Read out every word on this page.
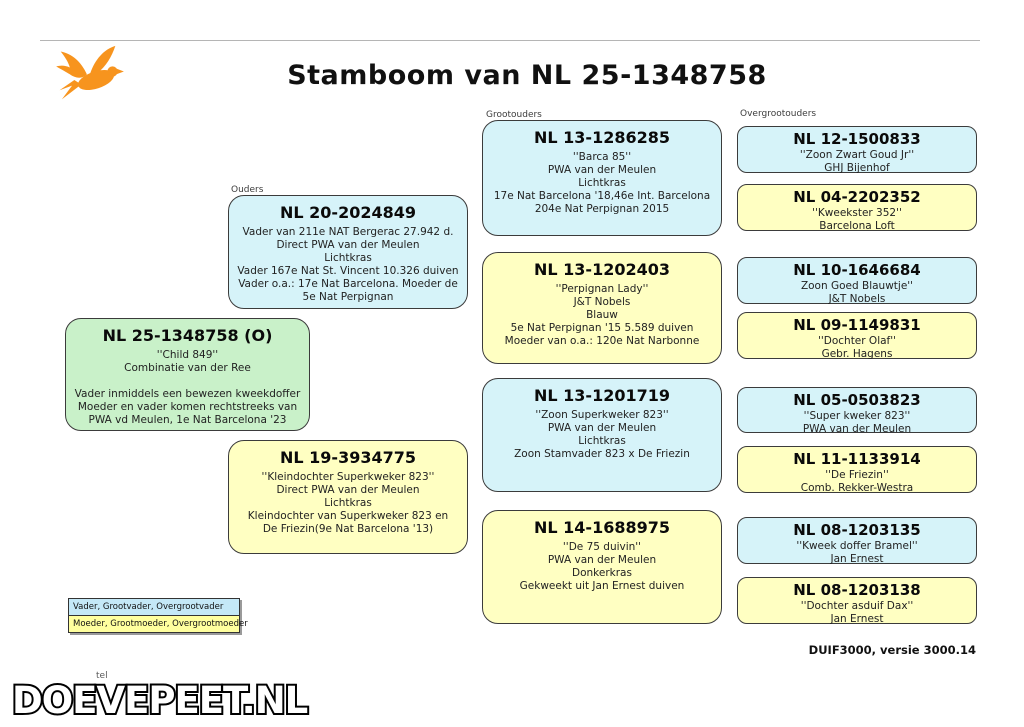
Stamboom van NL 25-1348758
Ouders
Grootouders	Overgrootouders
NL 25-1348758 (O)
''Child 849''
Combinatie van der Ree

Vader inmiddels een bewezen kweekdoffer
Moeder en vader komen rechtstreeks van
PWA vd Meulen, 1e Nat Barcelona '23
NL 20-2024849
Vader van 211e NAT Bergerac 27.942 d.
Direct PWA van der Meulen
Lichtkras
Vader 167e Nat St. Vincent 10.326 duiven
Vader o.a.: 17e Nat Barcelona. Moeder de
5e Nat Perpignan
NL 19-3934775
''Kleindochter Superkweker 823''
Direct PWA van der Meulen
Lichtkras
Kleindochter van Superkweker 823 en
De Friezin(9e Nat Barcelona '13)
NL 13-1286285
''Barca 85''
PWA van der Meulen
Lichtkras
17e Nat Barcelona '18,46e Int. Barcelona
204e Nat Perpignan 2015
NL 13-1202403
''Perpignan Lady''
J&T Nobels
Blauw
5e Nat Perpignan '15 5.589 duiven
Moeder van o.a.: 120e Nat Narbonne
NL 13-1201719
''Zoon Superkweker 823''
PWA van der Meulen
Lichtkras
Zoon Stamvader 823 x De Friezin
NL 14-1688975
''De 75 duivin''
PWA van der Meulen
Donkerkras
Gekweekt uit Jan Ernest duiven
NL 12-1500833
''Zoon Zwart Goud Jr''
GHJ Bijenhof
NL 04-2202352
''Kweekster 352''
Barcelona Loft
NL 10-1646684
Zoon Goed Blauwtje''
J&T Nobels
NL 09-1149831
''Dochter Olaf''
Gebr. Hagens
NL 05-0503823
''Super kweker 823''
PWA van der Meulen
NL 11-1133914
''De Friezin''
Comb. Rekker-Westra
NL 08-1203135
''Kweek doffer Bramel''
Jan Ernest
NL 08-1203138
''Dochter asduif Dax''
Jan Ernest
Vader, Grootvader, Overgrootvader
Moeder, Grootmoeder, Overgrootmoeder
tel
DOEVEPEET.NL
DUIF3000, versie 3000.14
